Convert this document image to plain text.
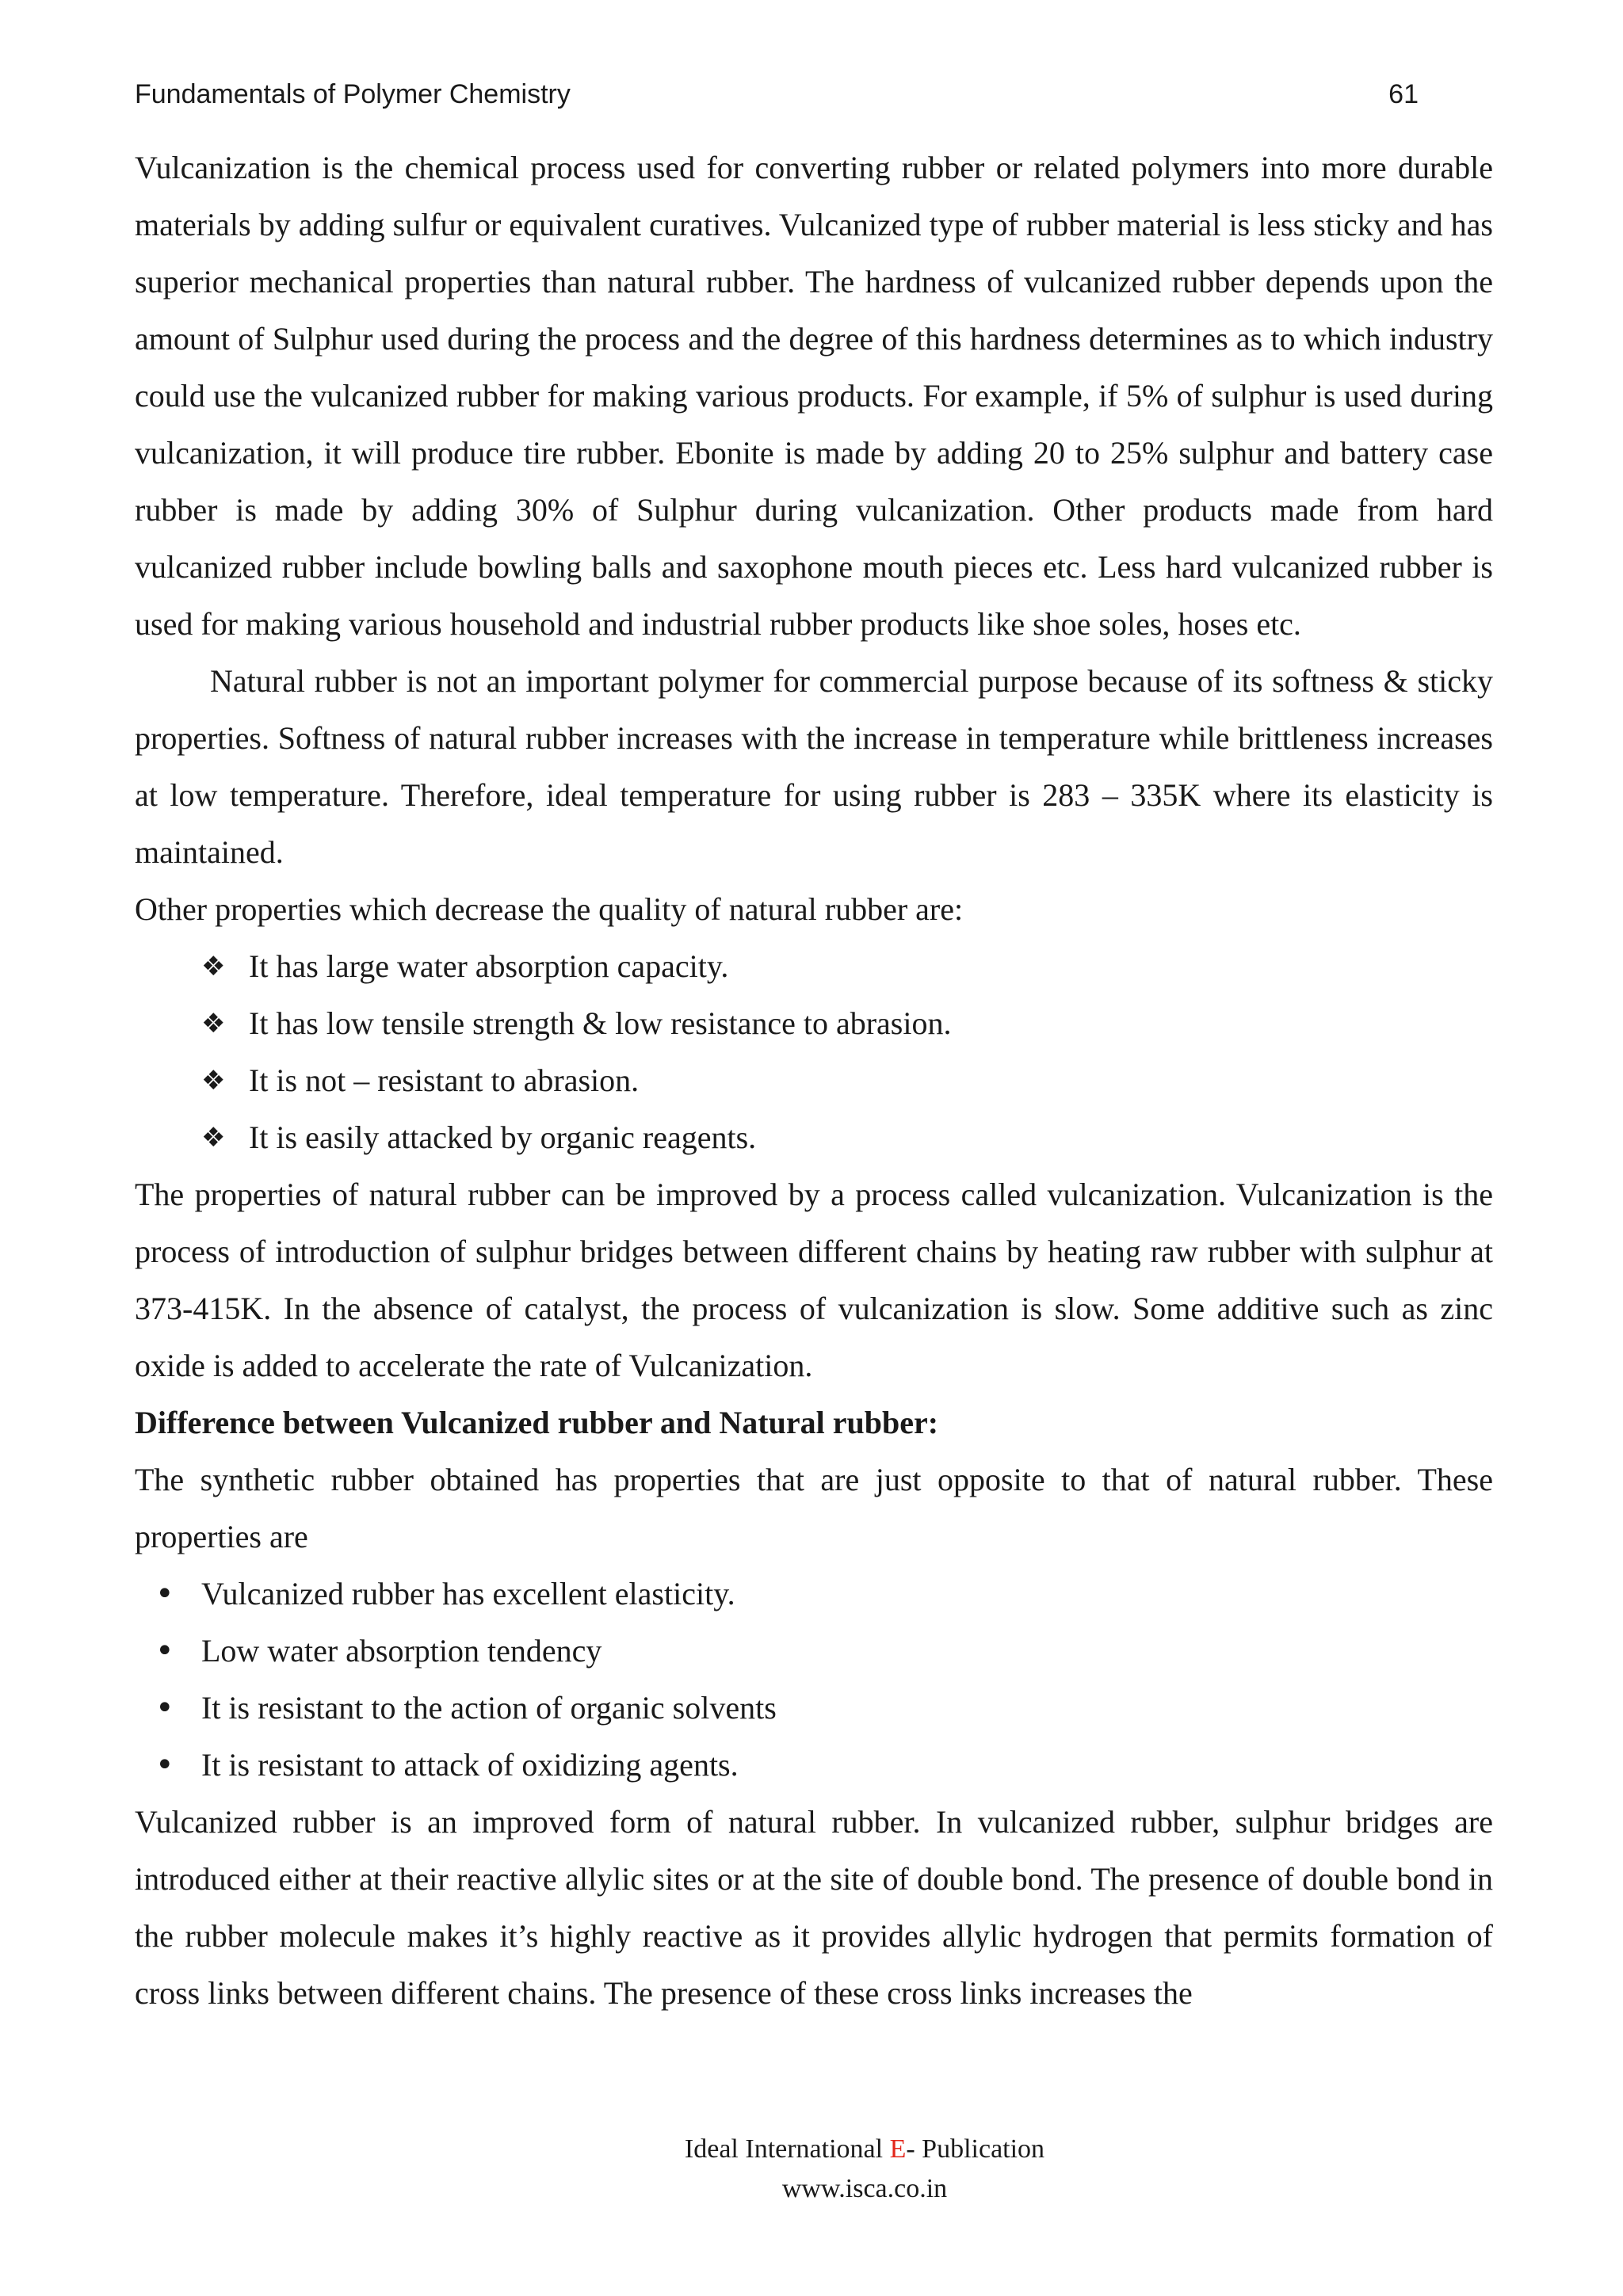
Fundamentals of Polymer Chemistry	61

Vulcanization is the chemical process used for converting rubber or related polymers into more durable materials by adding sulfur or equivalent curatives. Vulcanized type of rubber material is less sticky and has superior mechanical properties than natural rubber. The hardness of vulcanized rubber depends upon the amount of Sulphur used during the process and the degree of this hardness determines as to which industry could use the vulcanized rubber for making various products. For example, if 5% of sulphur is used during vulcanization, it will produce tire rubber. Ebonite is made by adding 20 to 25% sulphur and battery case rubber is made by adding 30% of Sulphur during vulcanization. Other products made from hard vulcanized rubber include bowling balls and saxophone mouth pieces etc. Less hard vulcanized rubber is used for making various household and industrial rubber products like shoe soles, hoses etc.

Natural rubber is not an important polymer for commercial purpose because of its softness & sticky properties. Softness of natural rubber increases with the increase in temperature while brittleness increases at low temperature. Therefore, ideal temperature for using rubber is 283 – 335K where its elasticity is maintained.

Other properties which decrease the quality of natural rubber are:

❖ It has large water absorption capacity.
❖ It has low tensile strength & low resistance to abrasion.
❖ It is not – resistant to abrasion.
❖ It is easily attacked by organic reagents.

The properties of natural rubber can be improved by a process called vulcanization. Vulcanization is the process of introduction of sulphur bridges between different chains by heating raw rubber with sulphur at 373-415K. In the absence of catalyst, the process of vulcanization is slow. Some additive such as zinc oxide is added to accelerate the rate of Vulcanization.

Difference between Vulcanized rubber and Natural rubber:

The synthetic rubber obtained has properties that are just opposite to that of natural rubber. These properties are

• Vulcanized rubber has excellent elasticity.
• Low water absorption tendency
• It is resistant to the action of organic solvents
• It is resistant to attack of oxidizing agents.

Vulcanized rubber is an improved form of natural rubber. In vulcanized rubber, sulphur bridges are introduced either at their reactive allylic sites or at the site of double bond. The presence of double bond in the rubber molecule makes it’s highly reactive as it provides allylic hydrogen that permits formation of cross links between different chains. The presence of these cross links increases the

Ideal International E- Publication
www.isca.co.in
